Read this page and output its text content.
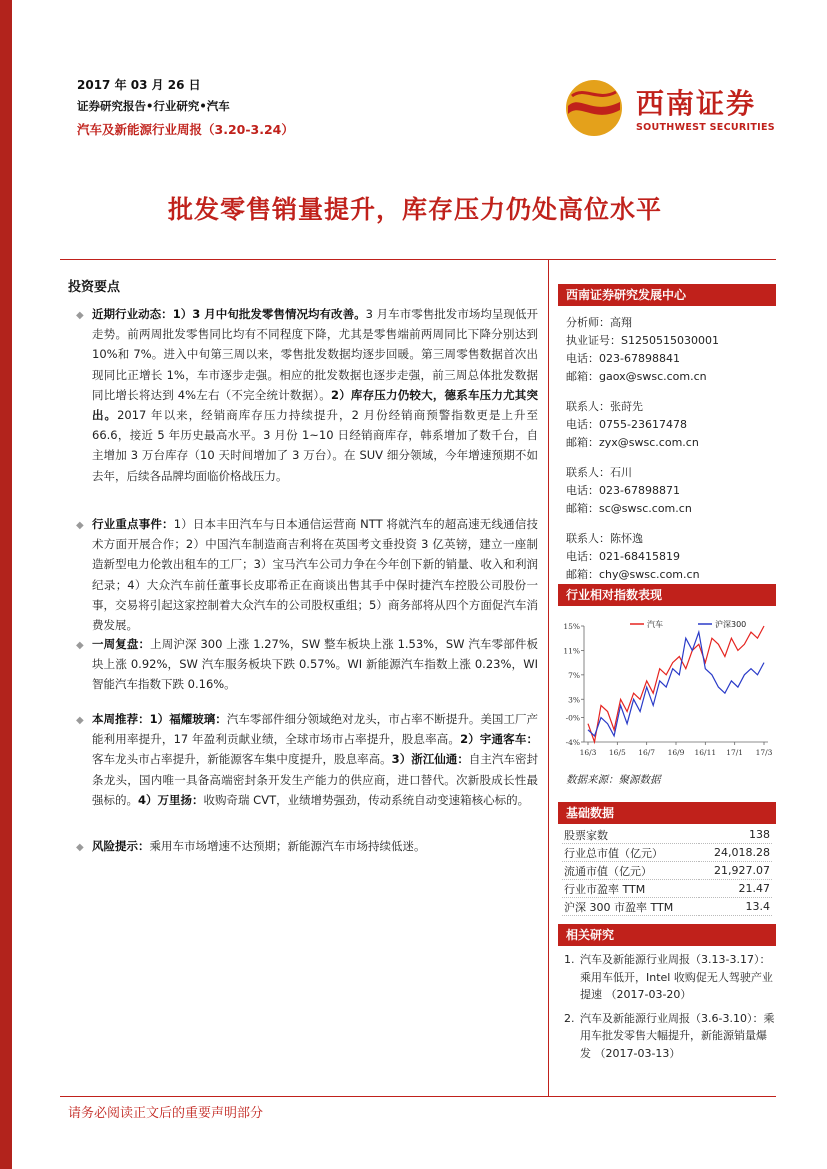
2017 年 03 月 26 日
证券研究报告•行业研究•汽车
汽车及新能源行业周报（3.20-3.24）
西南证券
SOUTHWEST SECURITIES
批发零售销量提升，库存压力仍处高位水平
投资要点
◆ 近期行业动态：1）3 月中旬批发零售情况均有改善。3 月车市零售批发市场均呈现低开走势。前两周批发零售同比均有不同程度下降，尤其是零售端前两周同比下降分别达到 10%和 7%。进入中旬第三周以来，零售批发数据均逐步回暖。第三周零售数据首次出现同比正增长 1%，车市逐步走强。相应的批发数据也逐步走强，前三周总体批发数据同比增长将达到 4%左右（不完全统计数据）。2）库存压力仍较大，德系车压力尤其突出。2017 年以来，经销商库存压力持续提升，2 月份经销商预警指数更是上升至 66.6，接近 5 年历史最高水平。3 月份 1~10 日经销商库存，韩系增加了数千台，自主增加 3 万台库存（10 天时间增加了 3 万台）。在 SUV 细分领域，今年增速预期不如去年，后续各品牌均面临价格战压力。
◆ 行业重点事件：1）日本丰田汽车与日本通信运营商 NTT 将就汽车的超高速无线通信技术方面开展合作；2）中国汽车制造商吉利将在英国考文垂投资 3 亿英镑，建立一座制造新型电力伦敦出租车的工厂；3）宝马汽车公司力争在今年创下新的销量、收入和利润纪录；4）大众汽车前任董事长皮耶希正在商谈出售其手中保时捷汽车控股公司股份一事，交易将引起这家控制着大众汽车的公司股权重组；5）商务部将从四个方面促汽车消费发展。
◆ 一周复盘：上周沪深 300 上涨 1.27%，SW 整车板块上涨 1.53%，SW 汽车零部件板块上涨 0.92%，SW 汽车服务板块下跌 0.57%。WI 新能源汽车指数上涨 0.23%，WI 智能汽车指数下跌 0.16%。
◆ 本周推荐：1）福耀玻璃：汽车零部件细分领域绝对龙头，市占率不断提升。美国工厂产能利用率提升，17 年盈利贡献业绩，全球市场市占率提升，股息率高。2）宇通客车：客车龙头市占率提升，新能源客车集中度提升，股息率高。3）浙江仙通：自主汽车密封条龙头，国内唯一具备高端密封条开发生产能力的供应商，进口替代。次新股成长性最强标的。4）万里扬：收购奇瑞 CVT，业绩增势强劲，传动系统自动变速箱核心标的。
◆ 风险提示：乘用车市场增速不达预期；新能源汽车市场持续低迷。
西南证券研究发展中心
分析师：高翔
执业证号：S1250515030001
电话：023-67898841
邮箱：gaox@swsc.com.cn
联系人：张莳先
电话：0755-23617478
邮箱：zyx@swsc.com.cn
联系人：石川
电话：023-67898871
邮箱：sc@swsc.com.cn
联系人：陈怀逸
电话：021-68415819
邮箱：chy@swsc.com.cn
行业相对指数表现
15%
11%
7%
3%
-0%
-4%
16/3 16/5 16/7 16/9 16/11 17/1 17/3
汽车	沪深300
数据来源：聚源数据
基础数据
股票家数	138
行业总市值（亿元）	24,018.28
流通市值（亿元）	21,927.07
行业市盈率 TTM	21.47
沪深 300 市盈率 TTM	13.4
相关研究
1. 汽车及新能源行业周报（3.13-3.17）：乘用车低开，Intel 收购促无人驾驶产业提速 （2017-03-20）
2. 汽车及新能源行业周报（3.6-3.10）：乘用车批发零售大幅提升，新能源销量爆发 （2017-03-13）
请务必阅读正文后的重要声明部分
